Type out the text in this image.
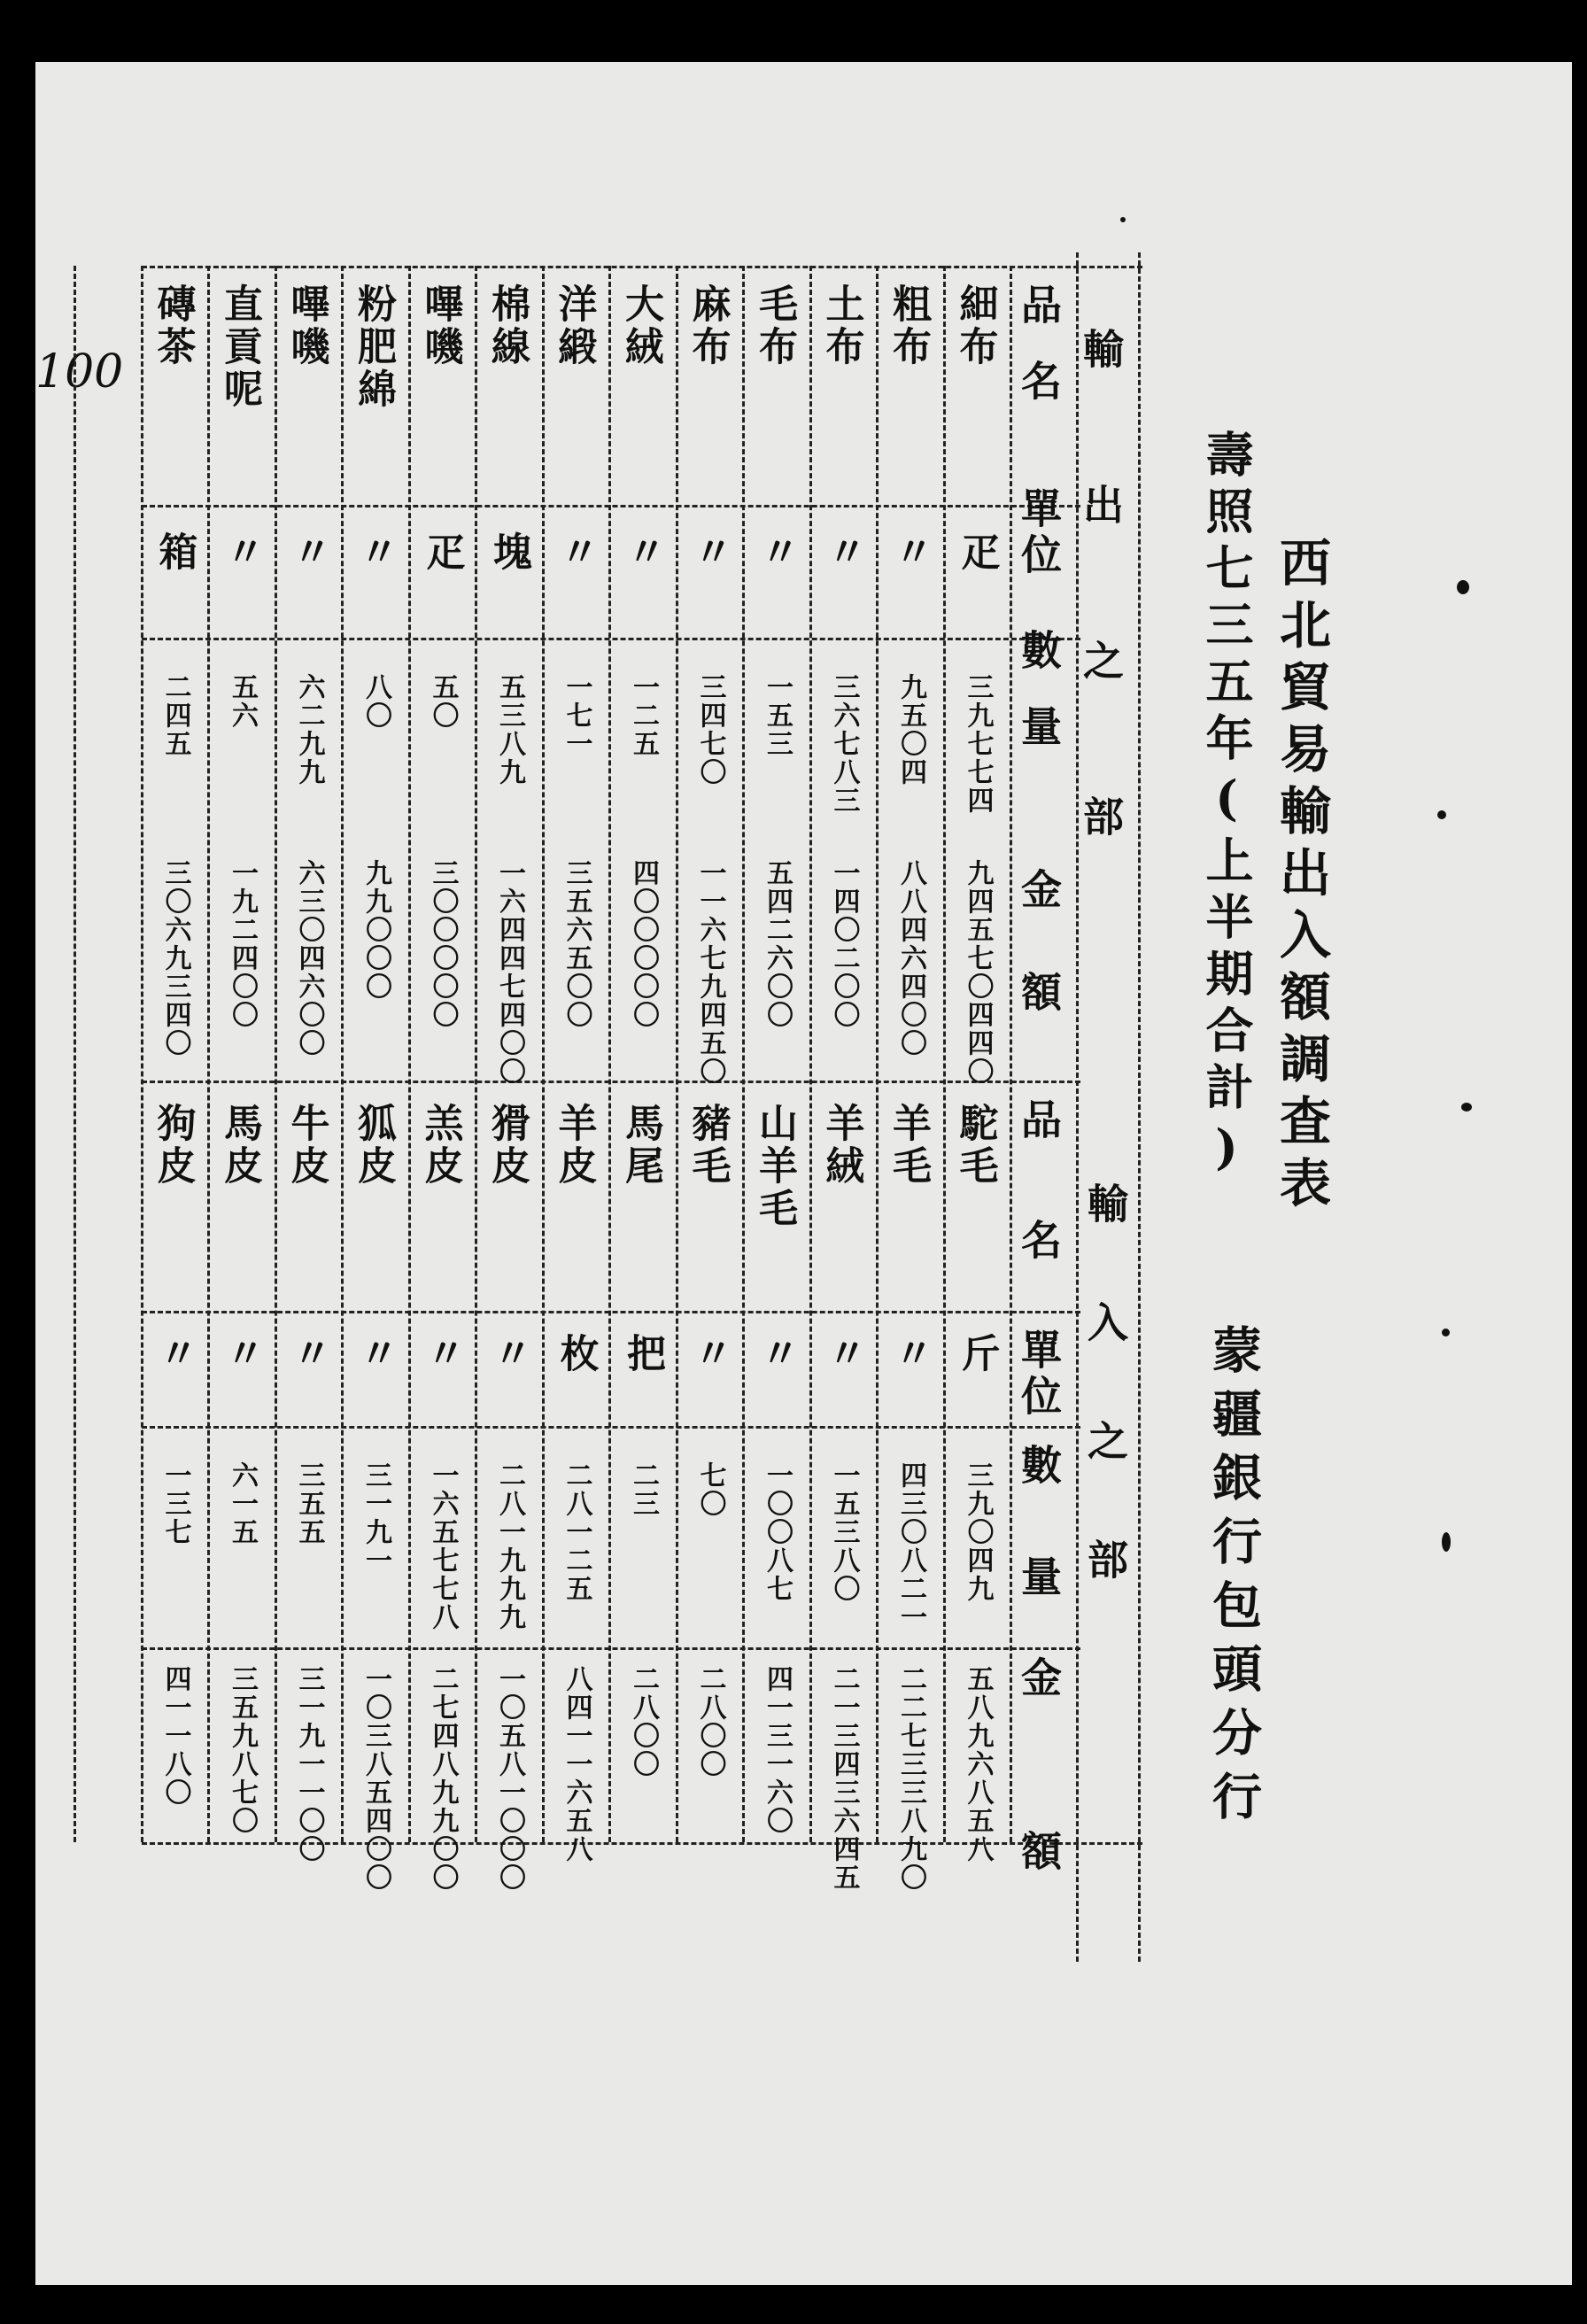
100
西北貿易輸出入額調査表
壽照七三五年(上半期合計)
蒙疆銀行包頭分行
輸出之部
輸入之部
細布
疋
三九七七四
九四五七〇四四〇
粗布
〃
九五〇四
八八四六四〇〇
土布
〃
三六七八三
一四〇二〇〇
毛布
〃
一五三
五四二六〇〇
麻布
〃
三四七〇
一一六七九四五〇
大絨
〃
一二五
四〇〇〇〇〇
洋緞
〃
一七一
三五六五〇〇
棉線
塊
五三八九
一六四四七四〇〇
嗶嘰
疋
五〇
三〇〇〇〇〇
粉肥綿
〃
八〇
九九〇〇〇
嗶嘰
〃
六二九九
六三〇四六〇〇
直貢呢
〃
五六
一九二四〇〇
磚茶
箱
二四五
三〇六九三四〇
駝毛
斤
三九〇四九
五八九六八五八
羊毛
〃
四三〇八二一
二二七三三八九〇
羊絨
〃
一五三八〇
二一三四三六四五
山羊毛
〃
一〇〇八七
四一三一六〇
豬毛
〃
七〇
二八〇〇
馬尾
把
二三
二八〇〇
羊皮
枚
二八一二五
八四一一六五八
猾皮
〃
二八一九九九
一〇五八一〇〇〇
羔皮
〃
一六五七七八
二七四八九九〇〇
狐皮
〃
三一九一
一〇三八五四〇〇
牛皮
〃
三五五
三一九一一〇〇
馬皮
〃
六一五
三五九八七〇
狗皮
〃
一三七
四一一八〇
品名
單位
數量
金額
品名
單位
數量
金額
